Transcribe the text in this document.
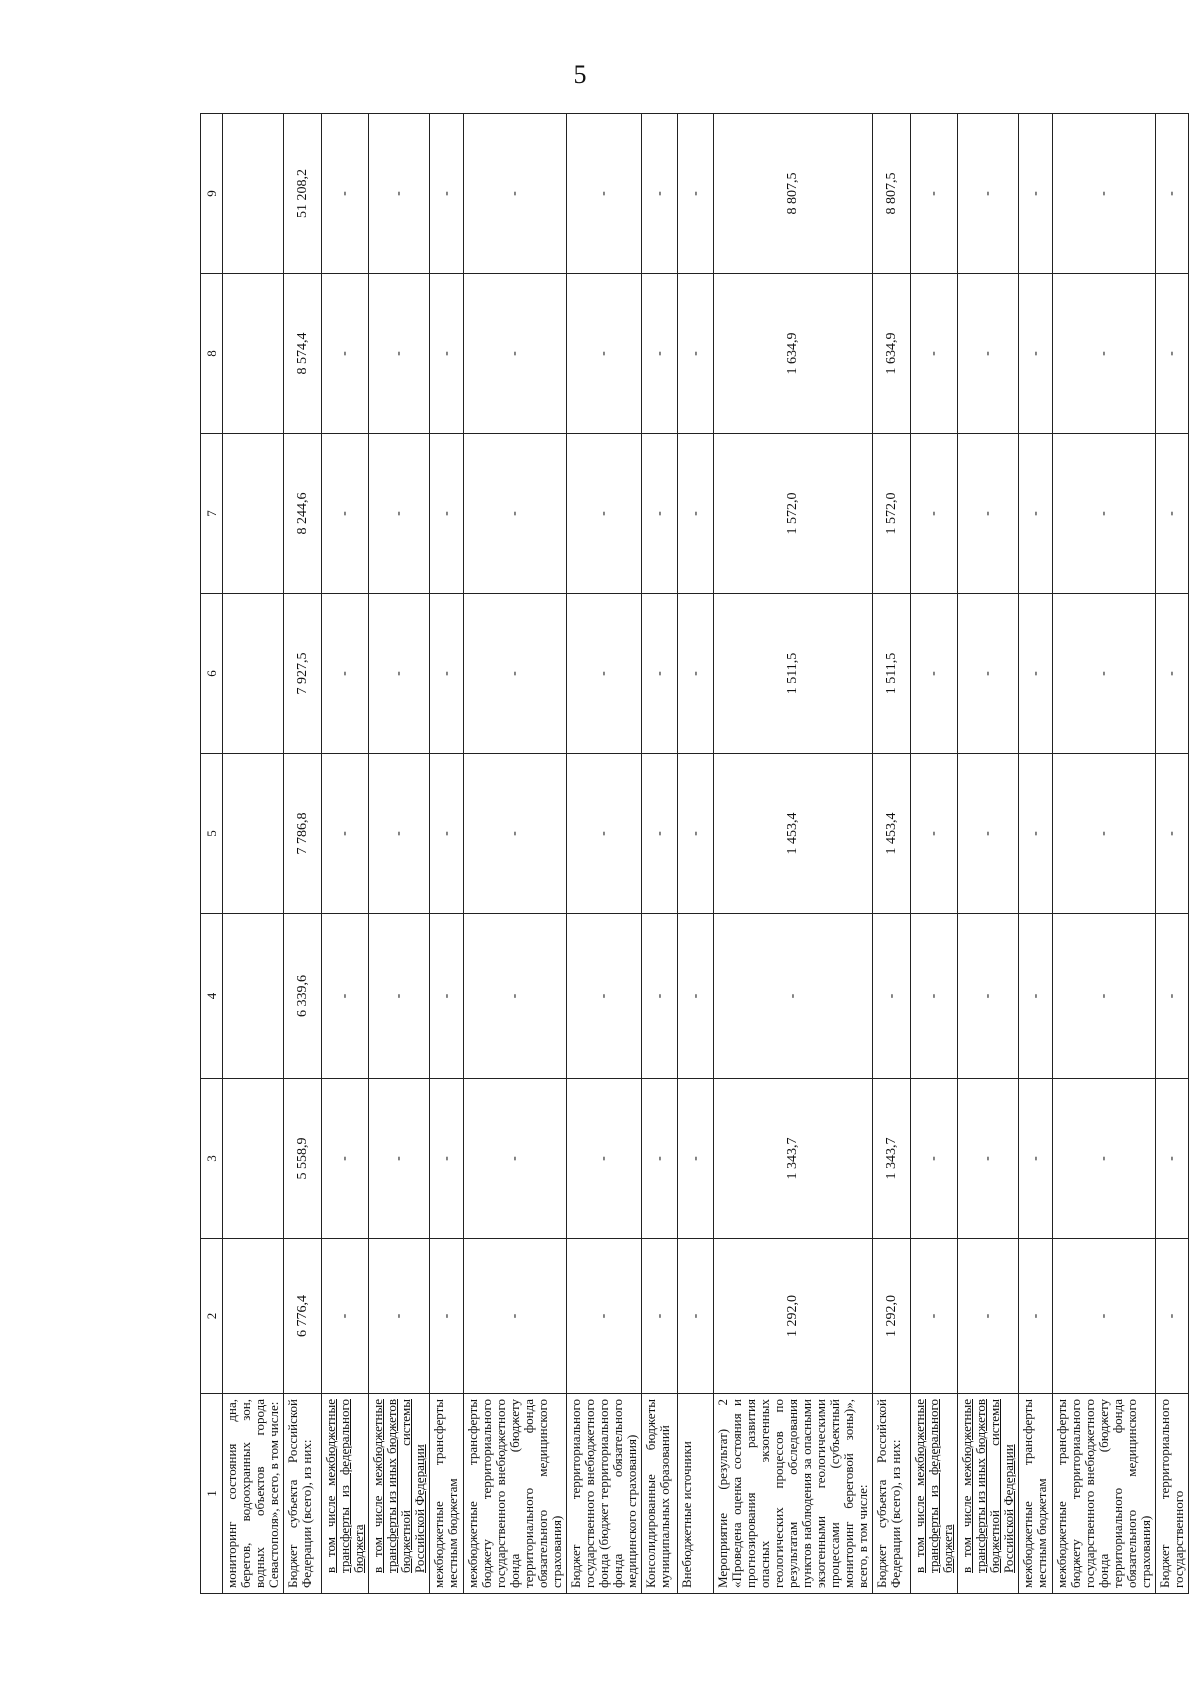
5
1	2	3	4	5	6	7	8	9
мониторинг состояния дна, берегов, водоохранных зон, водных объектов города Севастополя», всего, в том числе:								
Бюджет субъекта Российской Федерации (всего), из них:	6 776,4	5 558,9	6 339,6	7 786,8	7 927,5	8 244,6	8 574,4	51 208,2
в том числе межбюджетные трансферты из федерального бюджета	-	-	-	-	-	-	-	-
в том числе межбюджетные трансферты из иных бюджетов бюджетной системы Российской Федерации	-	-	-	-	-	-	-	-
межбюджетные трансферты местным бюджетам	-	-	-	-	-	-	-	-
межбюджетные трансферты бюджету территориального государственного внебюджетного фонда (бюджету территориального фонда обязательного медицинского страхования)	-	-	-	-	-	-	-	-
Бюджет территориального государственного внебюджетного фонда (бюджет территориального фонда обязательного медицинского страхования)	-	-	-	-	-	-	-	-
Консолидированные бюджеты муниципальных образований	-	-	-	-	-	-	-	-
Внебюджетные источники	-	-	-	-	-	-	-	-
Мероприятие (результат) 2 «Проведена оценка состояния и прогнозирования развития опасных экзогенных геологических процессов по результатам обследования пунктов наблюдения за опасными экзогенными геологическими процессами (субъектный мониторинг береговой зоны)», всего, в том числе:	1 292,0	1 343,7	-	1 453,4	1 511,5	1 572,0	1 634,9	8 807,5
Бюджет субъекта Российской Федерации (всего), из них:	1 292,0	1 343,7	-	1 453,4	1 511,5	1 572,0	1 634,9	8 807,5
в том числе межбюджетные трансферты из федерального бюджета	-	-	-	-	-	-	-	-
в том числе межбюджетные трансферты из иных бюджетов бюджетной системы Российской Федерации	-	-	-	-	-	-	-	-
межбюджетные трансферты местным бюджетам	-	-	-	-	-	-	-	-
межбюджетные трансферты бюджету территориального государственного внебюджетного фонда (бюджету территориального фонда обязательного медицинского страхования)	-	-	-	-	-	-	-	-
Бюджет территориального государственного	-	-	-	-	-	-	-	-
